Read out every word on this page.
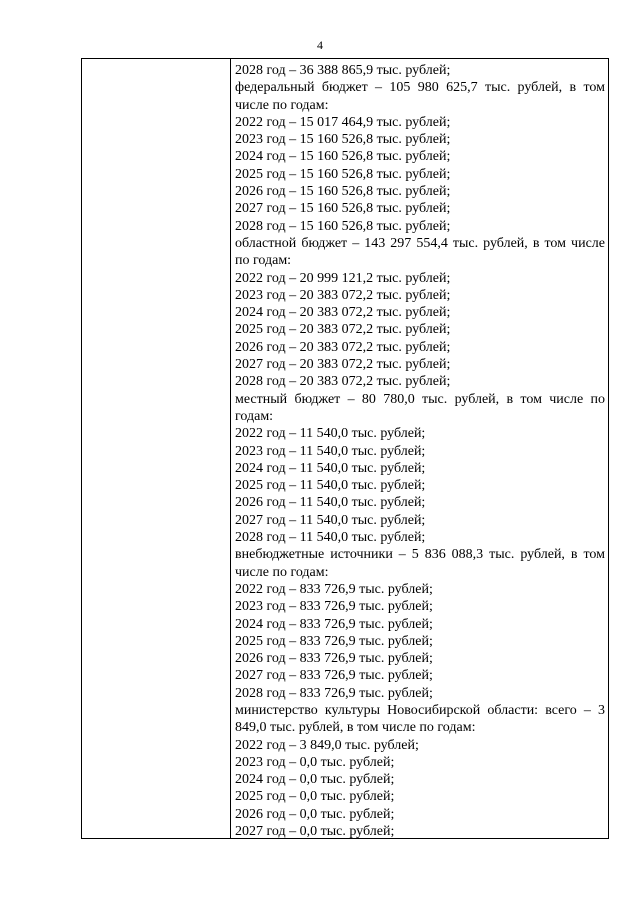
4
2028 год – 36 388 865,9 тыс. рублей;
федеральный бюджет – 105 980 625,7 тыс. рублей, в том числе по годам:
2022 год – 15 017 464,9 тыс. рублей;
2023 год – 15 160 526,8 тыс. рублей;
2024 год – 15 160 526,8 тыс. рублей;
2025 год – 15 160 526,8 тыс. рублей;
2026 год – 15 160 526,8 тыс. рублей;
2027 год – 15 160 526,8 тыс. рублей;
2028 год – 15 160 526,8 тыс. рублей;
областной бюджет – 143 297 554,4 тыс. рублей, в том числе по годам:
2022 год – 20 999 121,2 тыс. рублей;
2023 год – 20 383 072,2 тыс. рублей;
2024 год – 20 383 072,2 тыс. рублей;
2025 год – 20 383 072,2 тыс. рублей;
2026 год – 20 383 072,2 тыс. рублей;
2027 год – 20 383 072,2 тыс. рублей;
2028 год – 20 383 072,2 тыс. рублей;
местный бюджет – 80 780,0 тыс. рублей, в том числе по годам:
2022 год – 11 540,0 тыс. рублей;
2023 год – 11 540,0 тыс. рублей;
2024 год – 11 540,0 тыс. рублей;
2025 год – 11 540,0 тыс. рублей;
2026 год – 11 540,0 тыс. рублей;
2027 год – 11 540,0 тыс. рублей;
2028 год – 11 540,0 тыс. рублей;
внебюджетные источники – 5 836 088,3 тыс. рублей, в том числе по годам:
2022 год – 833 726,9 тыс. рублей;
2023 год – 833 726,9 тыс. рублей;
2024 год – 833 726,9 тыс. рублей;
2025 год – 833 726,9 тыс. рублей;
2026 год – 833 726,9 тыс. рублей;
2027 год – 833 726,9 тыс. рублей;
2028 год – 833 726,9 тыс. рублей;
министерство культуры Новосибирской области: всего – 3 849,0 тыс. рублей, в том числе по годам:
2022 год – 3 849,0 тыс. рублей;
2023 год – 0,0 тыс. рублей;
2024 год – 0,0 тыс. рублей;
2025 год – 0,0 тыс. рублей;
2026 год – 0,0 тыс. рублей;
2027 год – 0,0 тыс. рублей;
